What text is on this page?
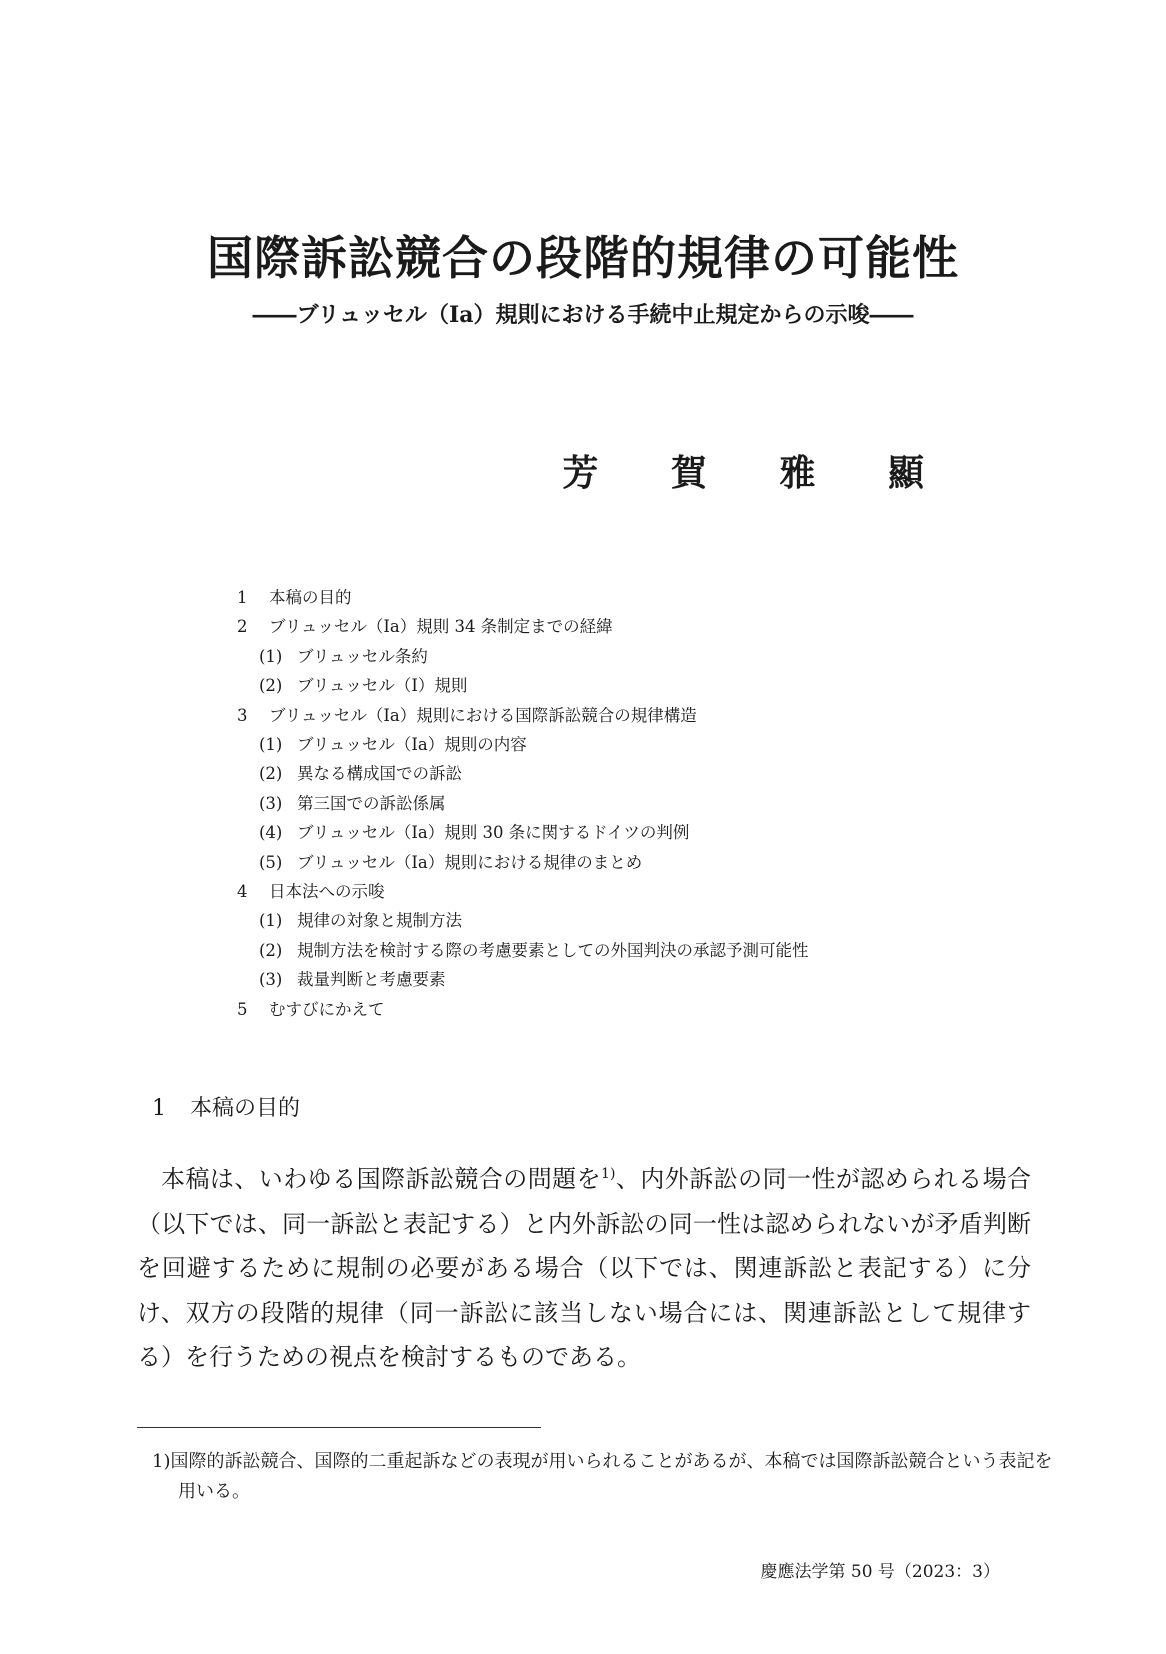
国際訴訟競合の段階的規律の可能性
――ブリュッセル（Ⅰa）規則における手続中止規定からの示唆――
芳 賀 雅 顯
1 本稿の目的
2 ブリュッセル（Ⅰa）規則 34 条制定までの経緯
(1) ブリュッセル条約
(2) ブリュッセル（Ⅰ）規則
3 ブリュッセル（Ⅰa）規則における国際訴訟競合の規律構造
(1) ブリュッセル（Ⅰa）規則の内容
(2) 異なる構成国での訴訟
(3) 第三国での訴訟係属
(4) ブリュッセル（Ⅰa）規則 30 条に関するドイツの判例
(5) ブリュッセル（Ⅰa）規則における規律のまとめ
4 日本法への示唆
(1) 規律の対象と規制方法
(2) 規制方法を検討する際の考慮要素としての外国判決の承認予測可能性
(3) 裁量判断と考慮要素
5 むすびにかえて
1 本稿の目的

本稿は、いわゆる国際訴訟競合の問題を$^{1)}$、内外訴訟の同一性が認められる場合（以下では、同一訴訟と表記する）と内外訴訟の同一性は認められないが矛盾判断を回避するために規制の必要がある場合（以下では、関連訴訟と表記する）に分け、双方の段階的規律（同一訴訟に該当しない場合には、関連訴訟として規律する）を行うための視点を検討するものである。

1)国際的訴訟競合、国際的二重起訴などの表現が用いられることがあるが、本稿では国際訴訟競合という表記を用いる。

慶應法学第 50 号（2023：3）
